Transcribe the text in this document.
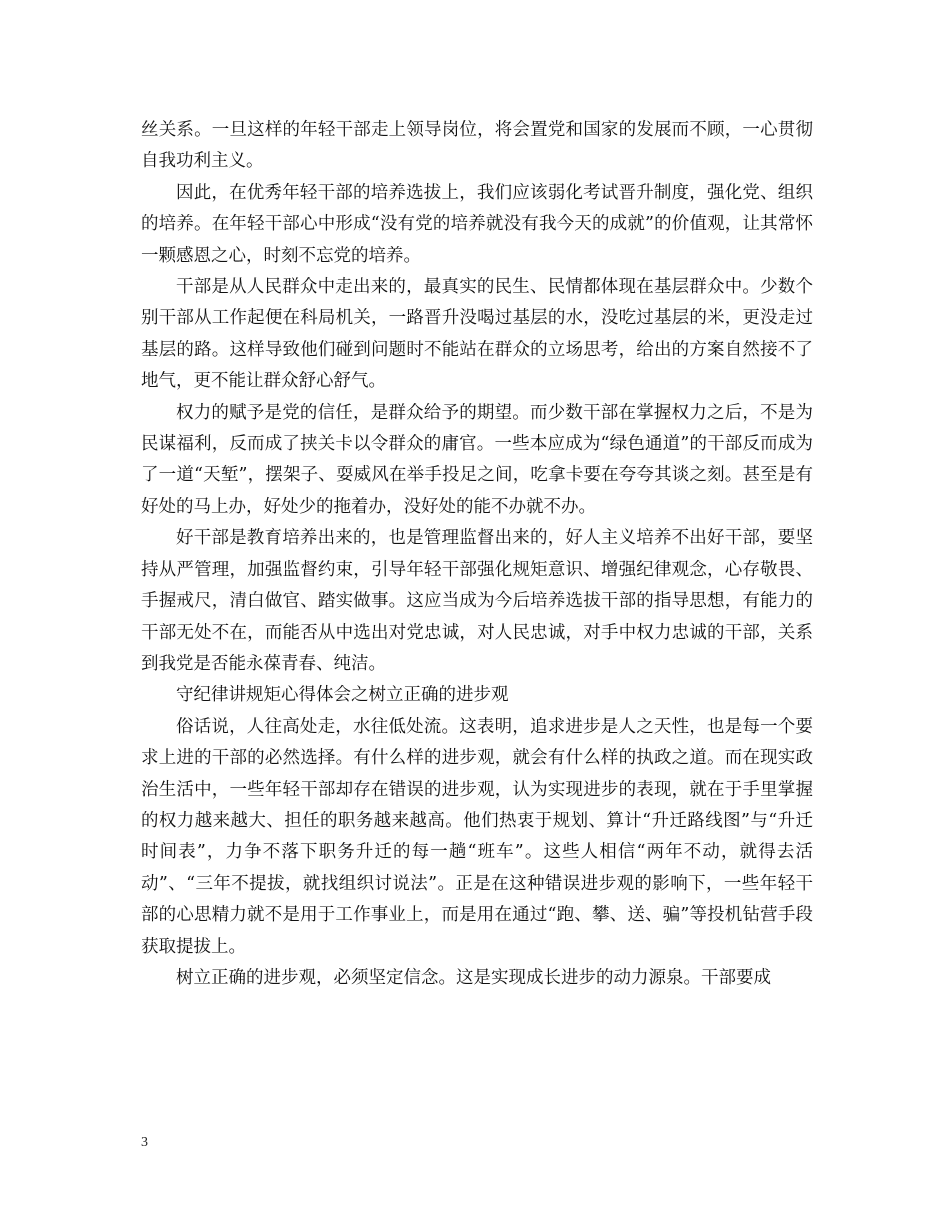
丝关系。一旦这样的年轻干部走上领导岗位，将会置党和国家的发展而不顾，一心贯彻自我功利主义。

因此，在优秀年轻干部的培养选拔上，我们应该弱化考试晋升制度，强化党、组织的培养。在年轻干部心中形成“没有党的培养就没有我今天的成就”的价值观，让其常怀一颗感恩之心，时刻不忘党的培养。

干部是从人民群众中走出来的，最真实的民生、民情都体现在基层群众中。少数个别干部从工作起便在科局机关，一路晋升没喝过基层的水，没吃过基层的米，更没走过基层的路。这样导致他们碰到问题时不能站在群众的立场思考，给出的方案自然接不了地气，更不能让群众舒心舒气。

权力的赋予是党的信任，是群众给予的期望。而少数干部在掌握权力之后，不是为民谋福利，反而成了挟关卡以令群众的庸官。一些本应成为“绿色通道”的干部反而成为了一道“天堑”，摆架子、耍威风在举手投足之间，吃拿卡要在夸夸其谈之刻。甚至是有好处的马上办，好处少的拖着办，没好处的能不办就不办。

好干部是教育培养出来的，也是管理监督出来的，好人主义培养不出好干部，要坚持从严管理，加强监督约束，引导年轻干部强化规矩意识、增强纪律观念，心存敬畏、手握戒尺，清白做官、踏实做事。这应当成为今后培养选拔干部的指导思想，有能力的干部无处不在，而能否从中选出对党忠诚，对人民忠诚，对手中权力忠诚的干部，关系到我党是否能永葆青春、纯洁。

守纪律讲规矩心得体会之树立正确的进步观

俗话说，人往高处走，水往低处流。这表明，追求进步是人之天性，也是每一个要求上进的干部的必然选择。有什么样的进步观，就会有什么样的执政之道。而在现实政治生活中，一些年轻干部却存在错误的进步观，认为实现进步的表现，就在于手里掌握的权力越来越大、担任的职务越来越高。他们热衷于规划、算计“升迁路线图”与“升迁时间表”，力争不落下职务升迁的每一趟“班车”。这些人相信“两年不动，就得去活动”、“三年不提拔，就找组织讨说法”。正是在这种错误进步观的影响下，一些年轻干部的心思精力就不是用于工作事业上，而是用在通过“跑、攀、送、骗”等投机钻营手段获取提拔上。

树立正确的进步观，必须坚定信念。这是实现成长进步的动力源泉。干部要成

3
